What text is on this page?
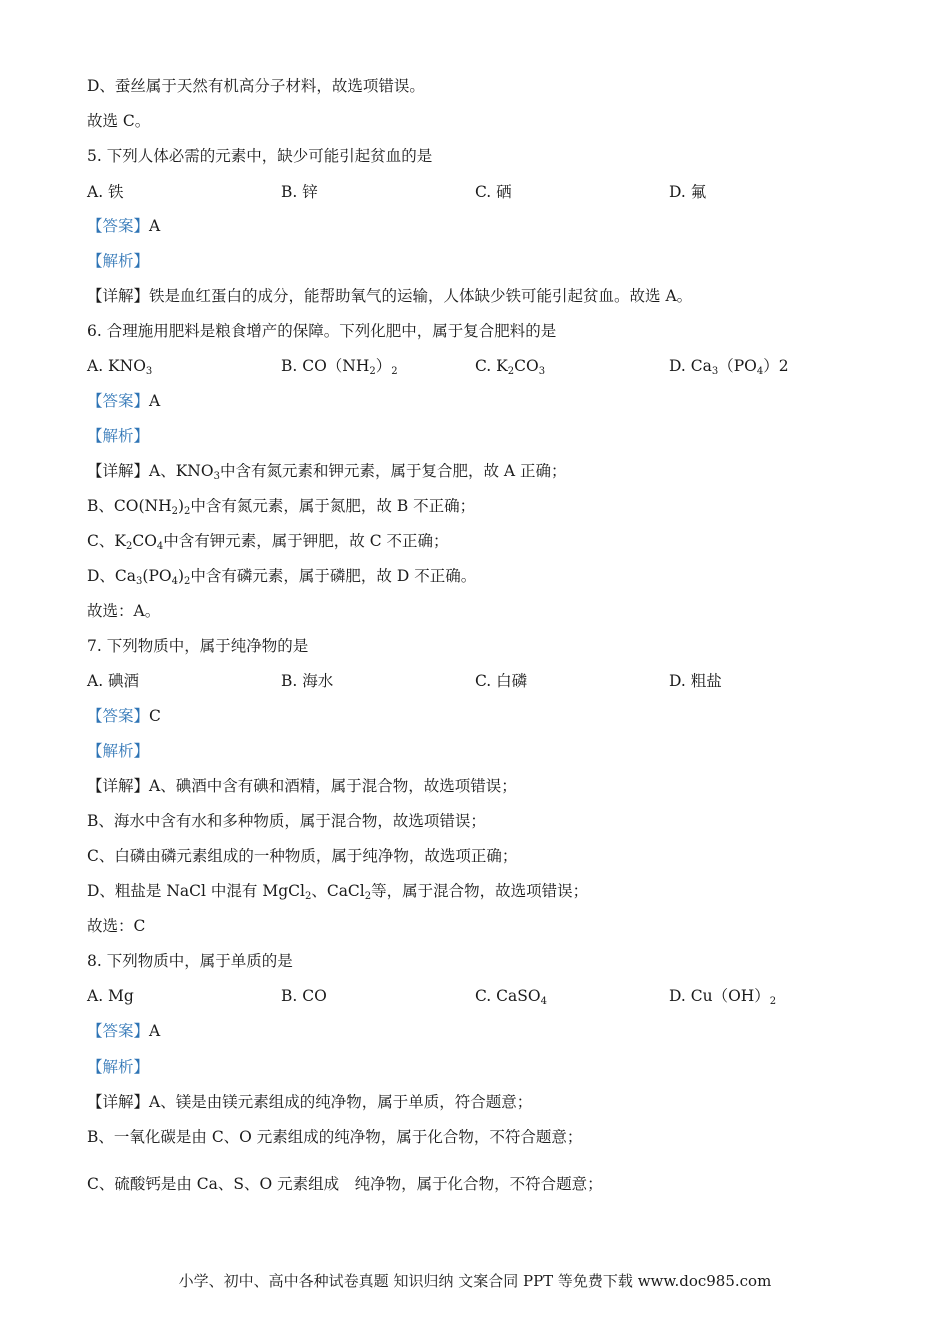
D、蚕丝属于天然有机高分子材料，故选项错误。
故选 C。
5. 下列人体必需的元素中，缺少可能引起贫血的是
A. 铁	B. 锌	C. 硒	D. 氟
【答案】A
【解析】
【详解】铁是血红蛋白的成分，能帮助氧气的运输，人体缺少铁可能引起贫血。故选 A。
6. 合理施用肥料是粮食增产的保障。下列化肥中，属于复合肥料的是
A. $KNO_3$	B. $CO(NH_2)_2$	C. $K_2CO_3$	D. $Ca_3(PO_4)2$
【答案】A
【解析】
【详解】A、$KNO_3$中含有氮元素和钾元素，属于复合肥，故 A 正确；
B、$CO(NH_2)_2$中含有氮元素，属于氮肥，故 B 不正确；
C、$K_2CO_4$中含有钾元素，属于钾肥，故 C 不正确；
D、$Ca_3(PO_4)_2$中含有磷元素，属于磷肥，故 D 不正确。
故选：A。
7. 下列物质中，属于纯净物的是
A. 碘酒	B. 海水	C. 白磷	D. 粗盐
【答案】C
【解析】
【详解】A、碘酒中含有碘和酒精，属于混合物，故选项错误；
B、海水中含有水和多种物质，属于混合物，故选项错误；
C、白磷由磷元素组成的一种物质，属于纯净物，故选项正确；
D、粗盐是 NaCl 中混有 MgCl$_2$、CaCl$_2$等，属于混合物，故选项错误；
故选：C
8. 下列物质中，属于单质的是
A. Mg	B. CO	C. CaSO$_4$	D. $Cu(OH)_2$
【答案】A
【解析】
【详解】A、镁是由镁元素组成的纯净物，属于单质，符合题意；
B、一氧化碳是由 C、O 元素组成的纯净物，属于化合物，不符合题意；
C、硫酸钙是由 Ca、S、O 元素组成　纯净物，属于化合物，不符合题意；
小学、初中、高中各种试卷真题 知识归纳 文案合同 PPT 等免费下载 www.doc985.com
